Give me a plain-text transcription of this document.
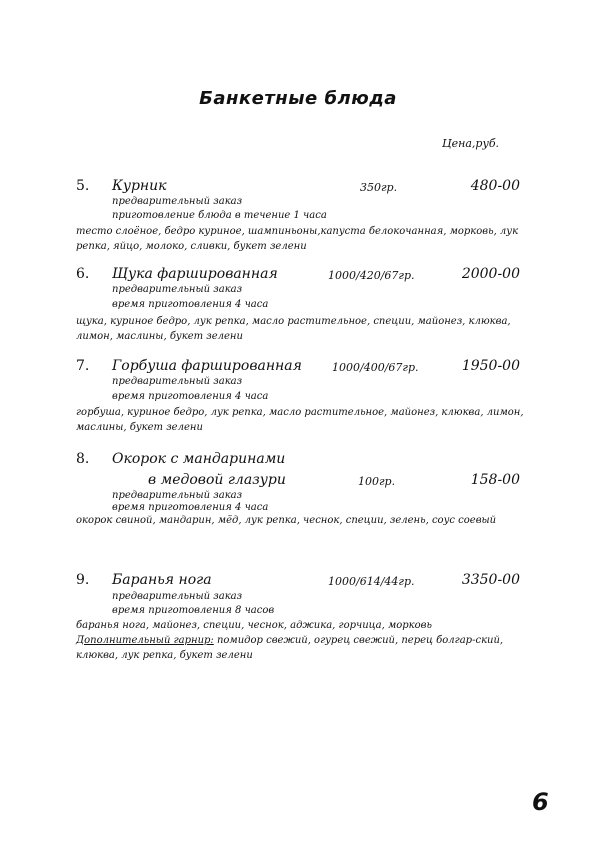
Банкетные блюда
Цена,руб.
5. Курник	350гр.	480-00
предварительный заказ
приготовление блюда в течение 1 часа
тесто слоёное, бедро куриное, шампиньоны,капуста белокочанная, морковь, лук репка, яйцо, молоко, сливки, букет зелени
6. Щука фаршированная	1000/420/67гр.	2000-00
предварительный заказ
время приготовления 4 часа
щука, куриное бедро, лук репка, масло растительное, специи, майонез, клюква, лимон, маслины, букет зелени
7. Горбуша фаршированная	1000/400/67гр.	1950-00
предварительный заказ
время приготовления 4 часа
горбуша, куриное бедро, лук репка, масло растительное, майонез, клюква, лимон, маслины, букет зелени
8. Окорок с мандаринами
в медовой глазури	100гр.	158-00
предварительный заказ
время приготовления 4 часа
окорок свиной, мандарин, мёд, лук репка, чеснок, специи, зелень, соус соевый
9. Баранья нога	1000/614/44гр.	3350-00
предварительный заказ
время приготовления 8 часов
баранья нога, майонез, специи, чеснок, аджика, горчица, морковь
Дополнительный гарнир: помидор свежий, огурец свежий, перец болгар-ский, клюква, лук репка, букет зелени
6
